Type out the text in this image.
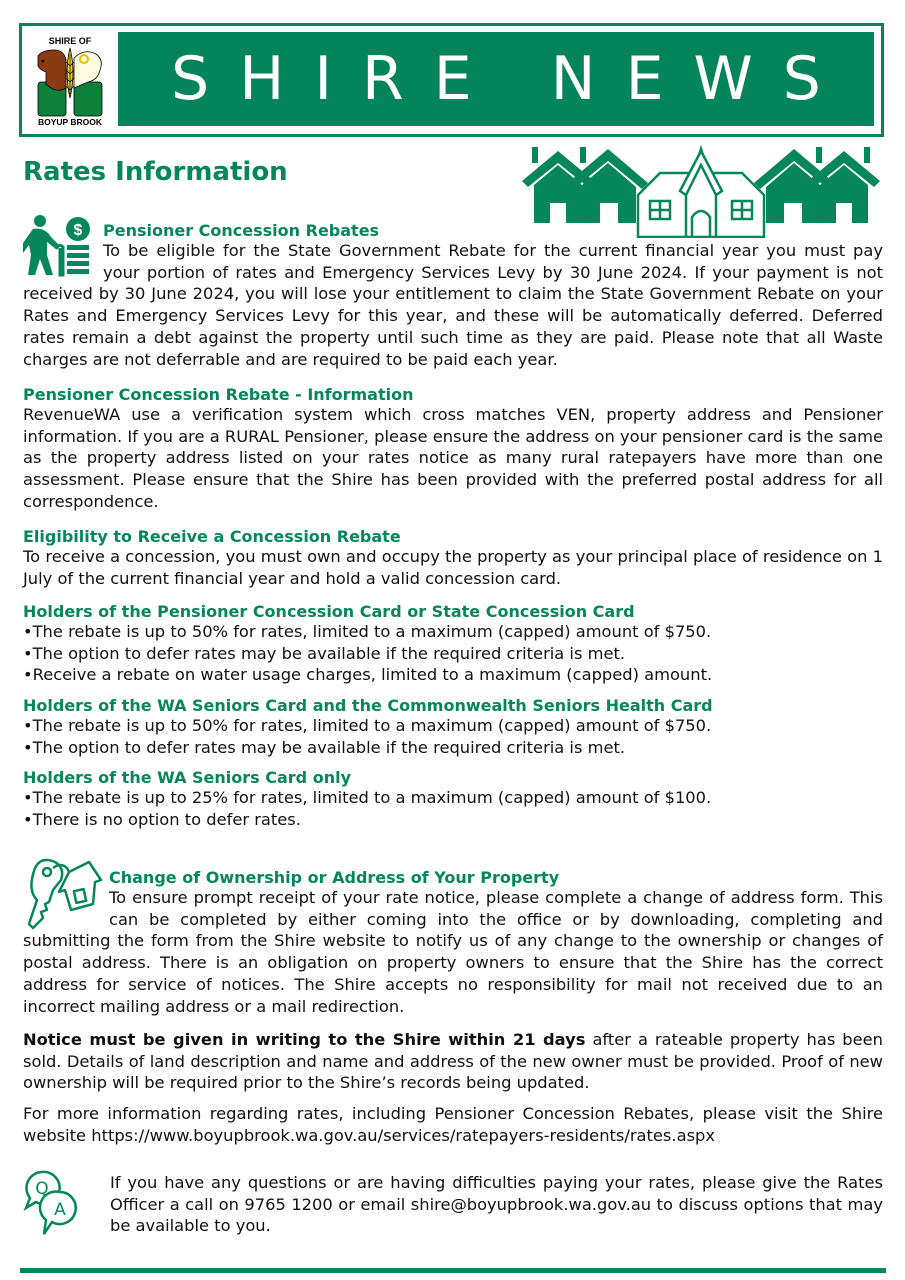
SHIRE OF
BOYUP BROOK
SHIRE NEWS
Rates Information
$	Pensioner Concession Rebates

To be eligible for the State Government Rebate for the current financial year you must pay your portion of rates and Emergency Services Levy by 30 June 2024. If your payment is not received by 30 June 2024, you will lose your entitlement to claim the State Government Rebate on your Rates and Emergency Services Levy for this year, and these will be automatically deferred. Deferred rates remain a debt against the property until such time as they are paid. Please note that all Waste charges are not deferrable and are required to be paid each year.

Pensioner Concession Rebate - Information

RevenueWA use a verification system which cross matches VEN, property address and Pensioner information. If you are a RURAL Pensioner, please ensure the address on your pensioner card is the same as the property address listed on your rates notice as many rural ratepayers have more than one assessment. Please ensure that the Shire has been provided with the preferred postal address for all correspondence.

Eligibility to Receive a Concession Rebate

To receive a concession, you must own and occupy the property as your principal place of residence on 1 July of the current financial year and hold a valid concession card.

Holders of the Pensioner Concession Card or State Concession Card
• The rebate is up to 50% for rates, limited to a maximum (capped) amount of $750.
• The option to defer rates may be available if the required criteria is met.
• Receive a rebate on water usage charges, limited to a maximum (capped) amount.
Holders of the WA Seniors Card and the Commonwealth Seniors Health Card
• The rebate is up to 50% for rates, limited to a maximum (capped) amount of $750.
• The option to defer rates may be available if the required criteria is met.
Holders of the WA Seniors Card only
• The rebate is up to 25% for rates, limited to a maximum (capped) amount of $100.
• There is no option to defer rates.
Change of Ownership or Address of Your Property

To ensure prompt receipt of your rate notice, please complete a change of address form. This can be completed by either coming into the office or by downloading, completing and submitting the form from the Shire website to notify us of any change to the ownership or changes of postal address. There is an obligation on property owners to ensure that the Shire has the correct address for service of notices. The Shire accepts no responsibility for mail not received due to an incorrect mailing address or a mail redirection.

Notice must be given in writing to the Shire within 21 days after a rateable property has been sold. Details of land description and name and address of the new owner must be provided. Proof of new ownership will be required prior to the Shire’s records being updated.

For more information regarding rates, including Pensioner Concession Rebates, please visit the Shire website https://www.boyupbrook.wa.gov.au/services/ratepayers-residents/rates.aspx

Q
A

If you have any questions or are having difficulties paying your rates, please give the Rates Officer a call on 9765 1200 or email shire@boyupbrook.wa.gov.au to discuss options that may be available to you.
